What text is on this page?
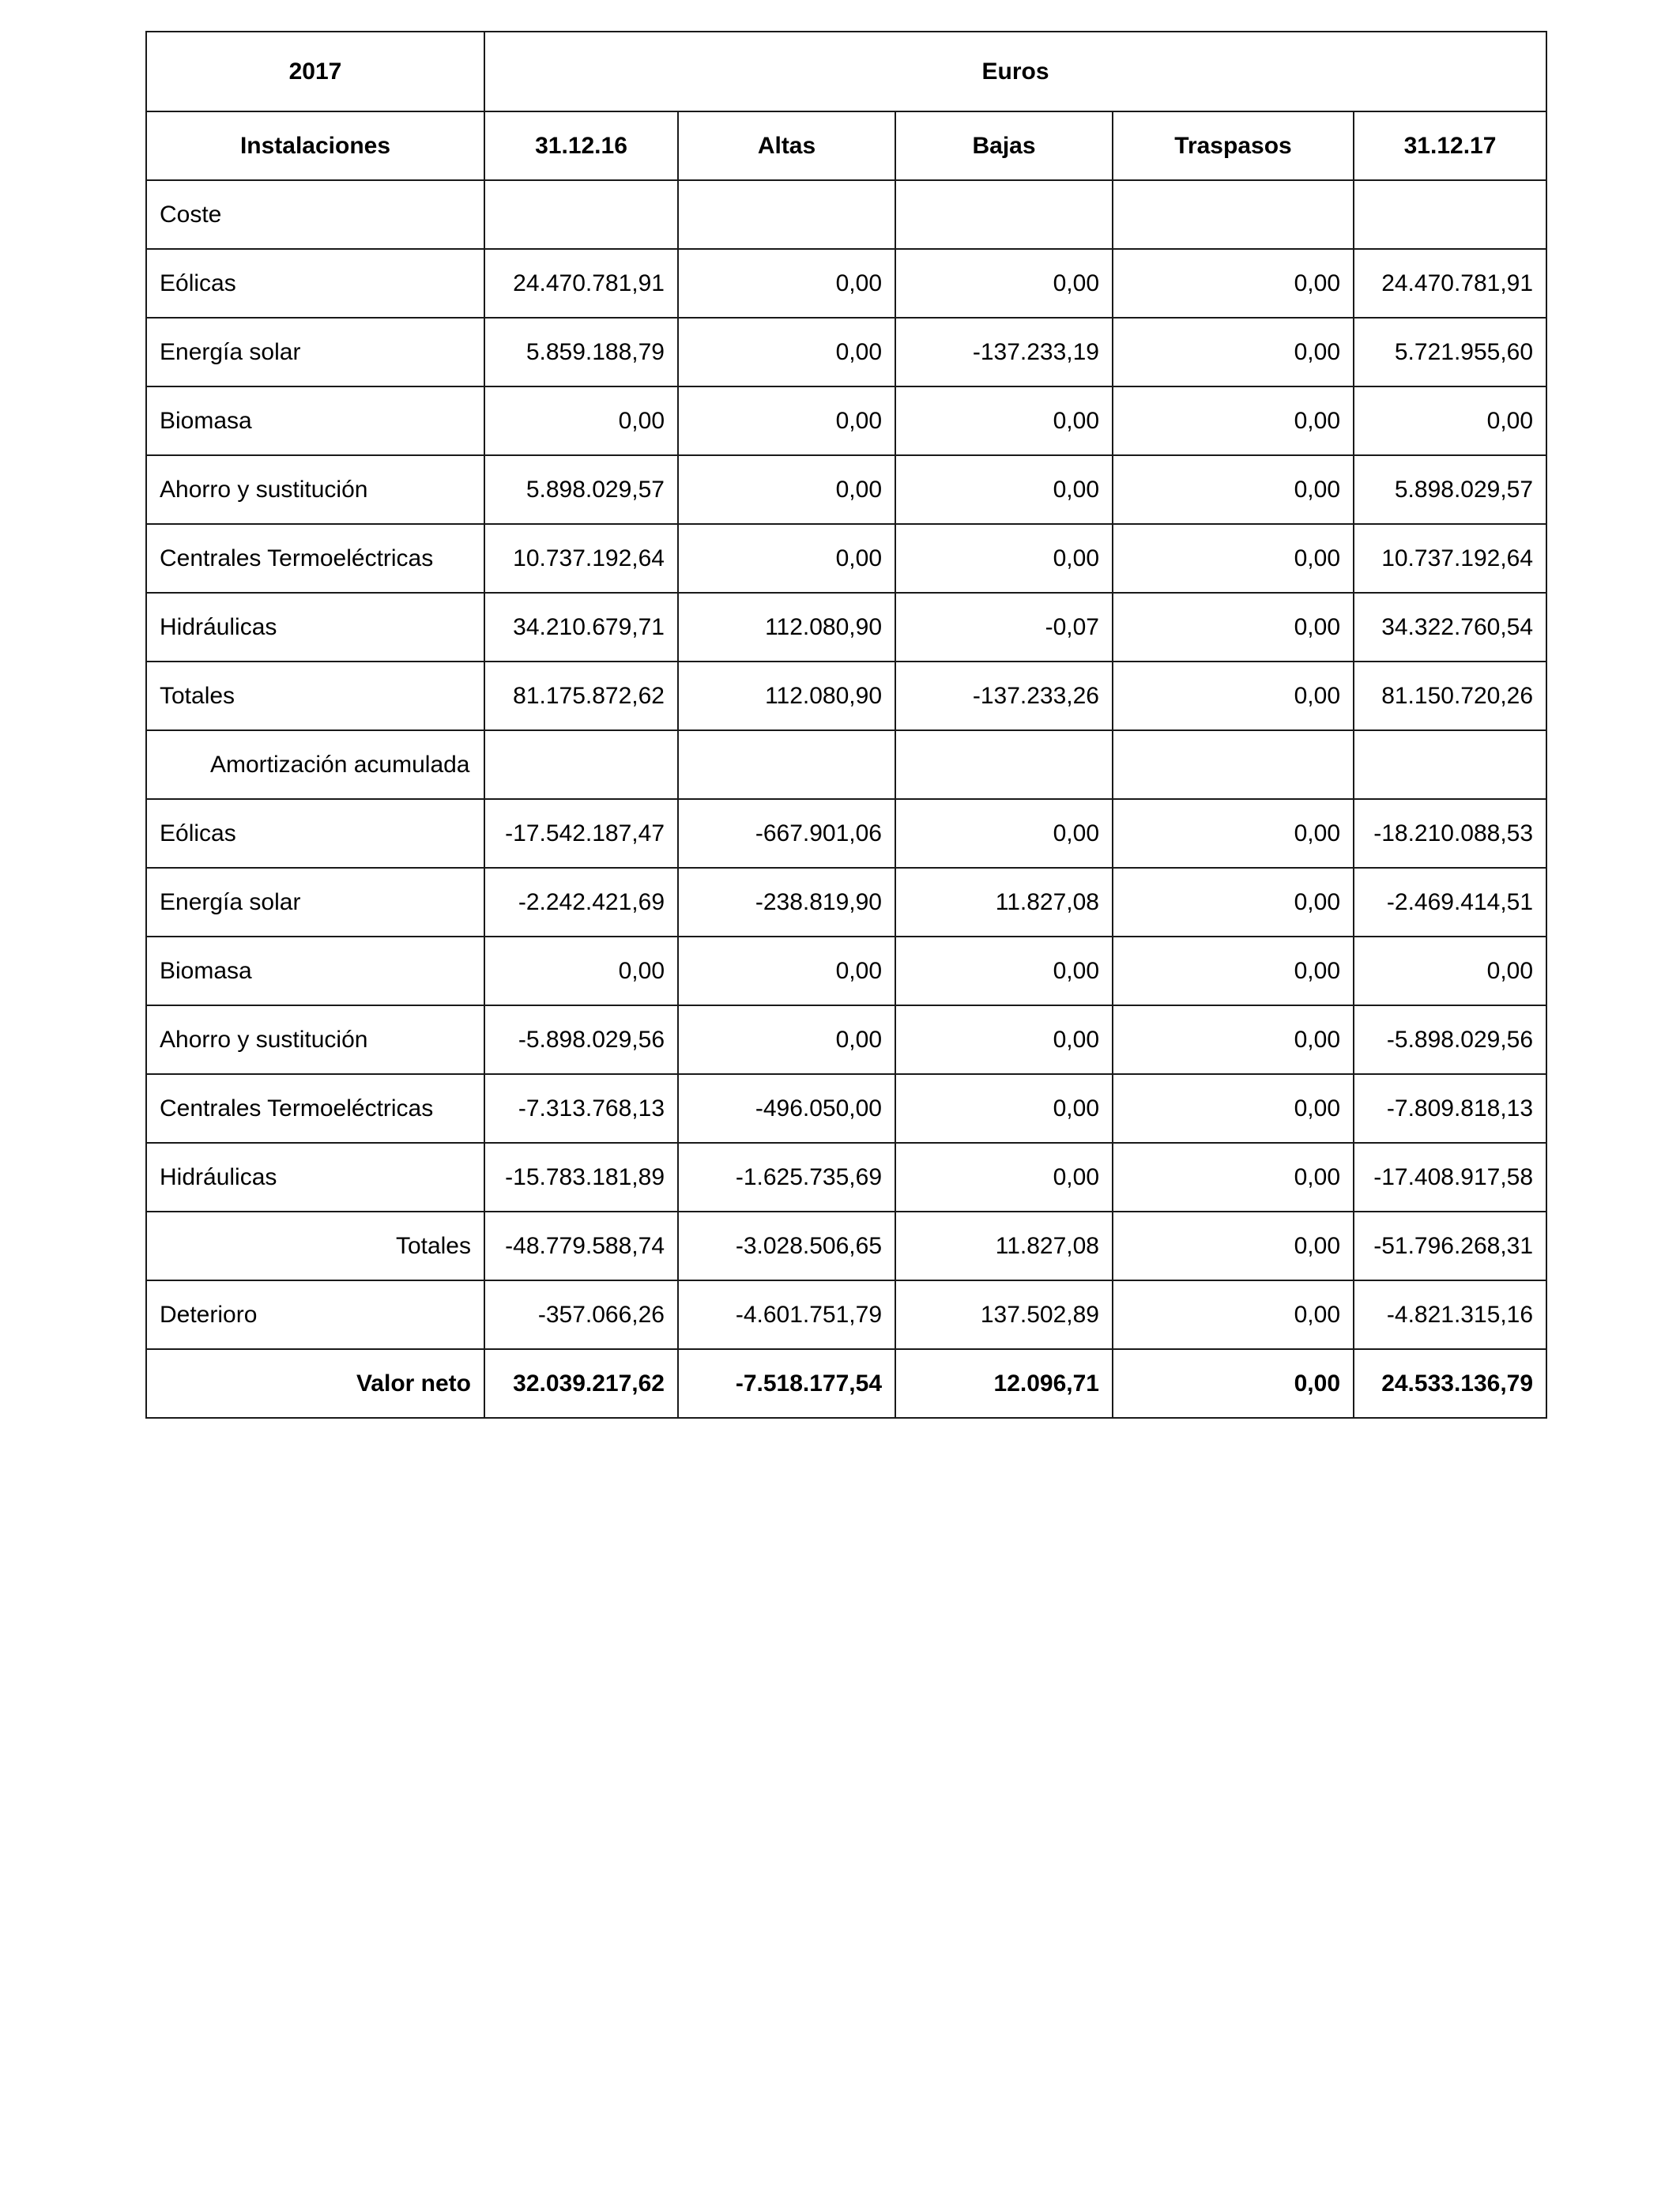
2017	Euros				
Instalaciones	31.12.16	Altas	Bajas	Traspasos	31.12.17
Coste					
Eólicas	24.470.781,91	0,00	0,00	0,00	24.470.781,91
Energía solar	5.859.188,79	0,00	-137.233,19	0,00	5.721.955,60
Biomasa	0,00	0,00	0,00	0,00	0,00
Ahorro y sustitución	5.898.029,57	0,00	0,00	0,00	5.898.029,57
Centrales Termoeléctricas	10.737.192,64	0,00	0,00	0,00	10.737.192,64
Hidráulicas	34.210.679,71	112.080,90	-0,07	0,00	34.322.760,54
Totales	81.175.872,62	112.080,90	-137.233,26	0,00	81.150.720,26
Amortización acumulada					
Eólicas	-17.542.187,47	-667.901,06	0,00	0,00	-18.210.088,53
Energía solar	-2.242.421,69	-238.819,90	11.827,08	0,00	-2.469.414,51
Biomasa	0,00	0,00	0,00	0,00	0,00
Ahorro y sustitución	-5.898.029,56	0,00	0,00	0,00	-5.898.029,56
Centrales Termoeléctricas	-7.313.768,13	-496.050,00	0,00	0,00	-7.809.818,13
Hidráulicas	-15.783.181,89	-1.625.735,69	0,00	0,00	-17.408.917,58
Totales	-48.779.588,74	-3.028.506,65	11.827,08	0,00	-51.796.268,31
Deterioro	-357.066,26	-4.601.751,79	137.502,89	0,00	-4.821.315,16
Valor neto	32.039.217,62	-7.518.177,54	12.096,71	0,00	24.533.136,79
